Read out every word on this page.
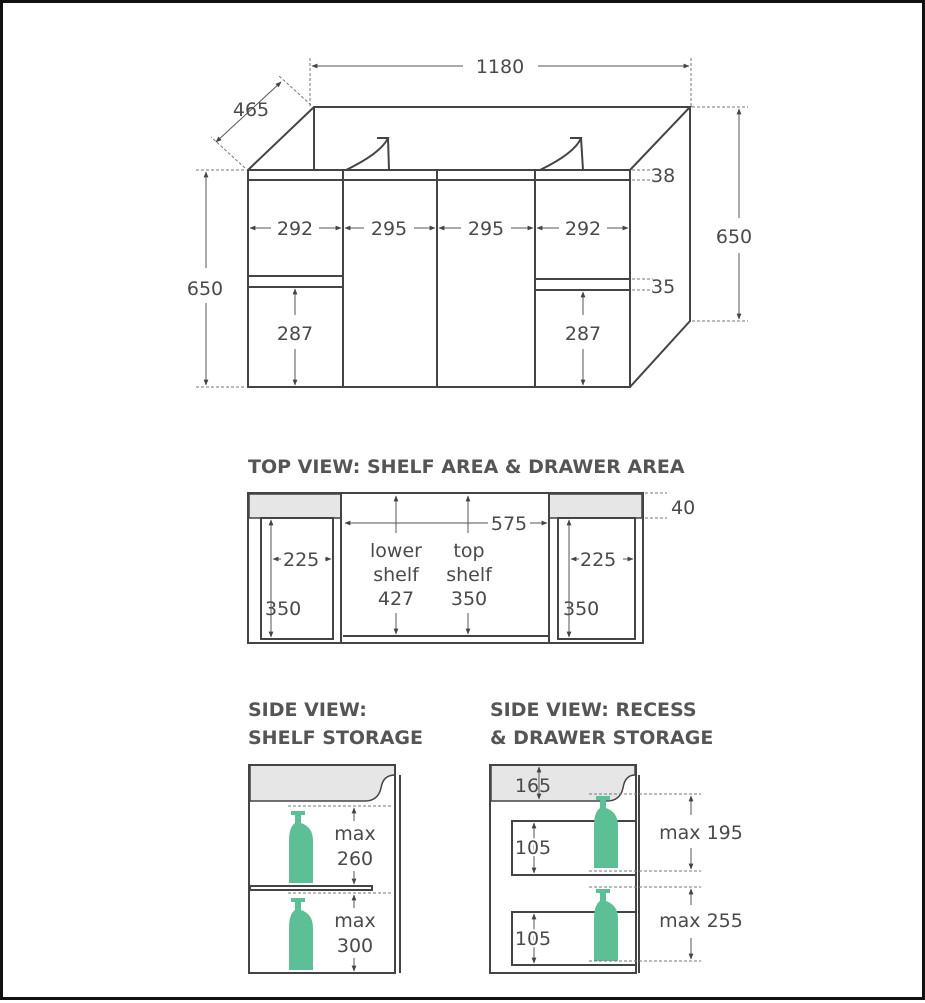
1180
465
650
650
38
35
292	295	295	292
287	287
TOP VIEW: SHELF AREA & DRAWER AREA
40
575
lower
shelf
427
top
shelf
350
225
350
225
350
SIDE VIEW:
SHELF STORAGE
max
260
max
300
SIDE VIEW: RECESS
& DRAWER STORAGE
165
105
105
max 195
max 255
